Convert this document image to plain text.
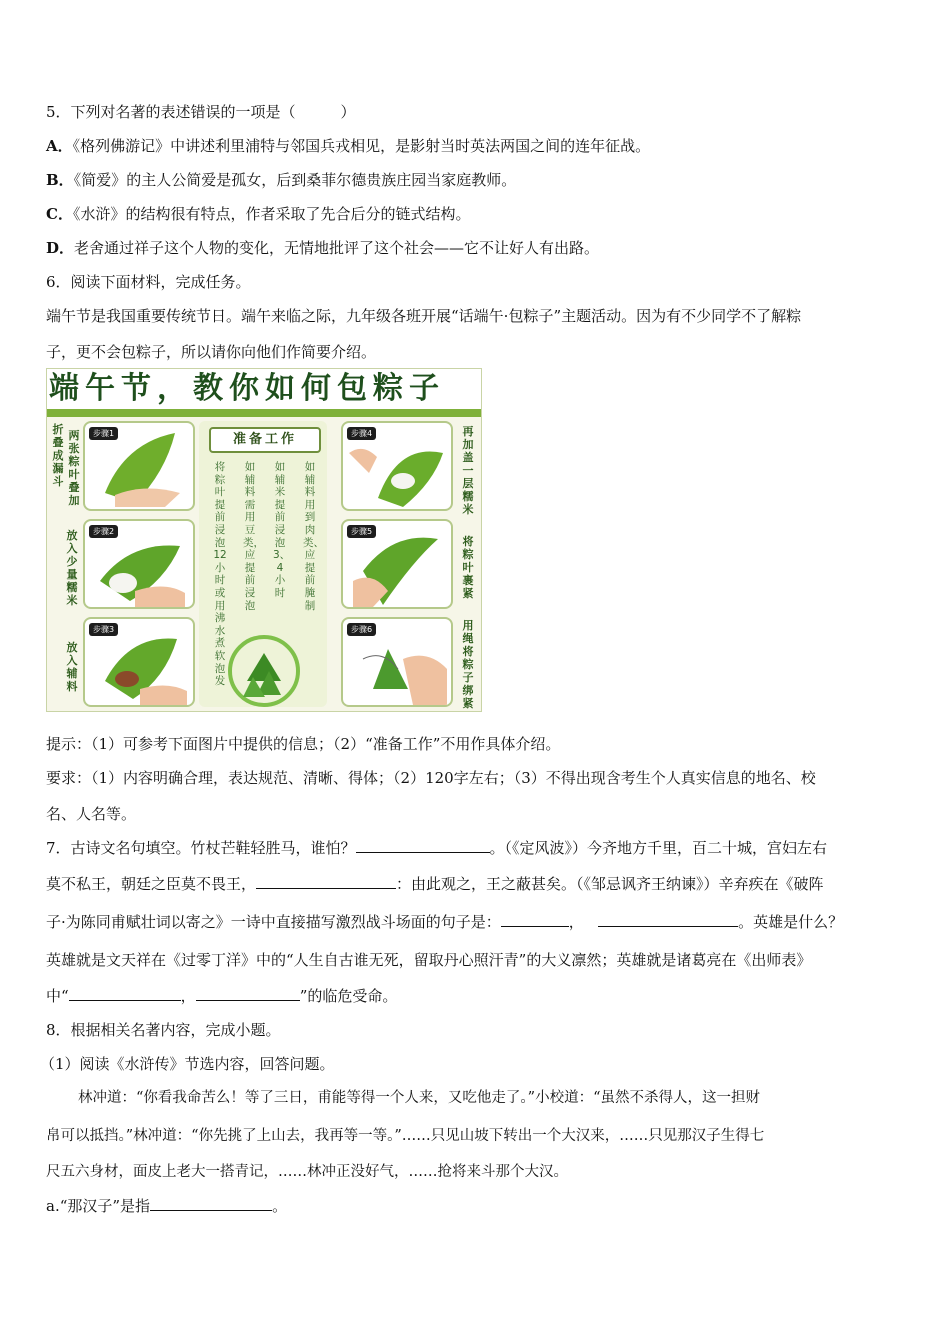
5．下列对名著的表述错误的一项是（　　　）
A．《格列佛游记》中讲述利里浦特与邻国兵戎相见，是影射当时英法两国之间的连年征战。
B．《简爱》的主人公简爱是孤女，后到桑菲尔德贵族庄园当家庭教师。
C．《水浒》的结构很有特点，作者采取了先合后分的链式结构。
D．老舍通过祥子这个人物的变化，无情地批评了这个社会——它不让好人有出路。
6．阅读下面材料，完成任务。
端午节是我国重要传统节日。端午来临之际，九年级各班开展“话端午·包粽子”主题活动。因为有不少同学不了解粽
子，更不会包粽子，所以请你向他们作简要介绍。
端午节，教你如何包粽子
折叠成漏斗
两张粽叶叠加
放入少量糯米
放入辅料
步骤1
步骤2
步骤3
准备工作
将粽叶提前浸泡12小时或用沸水煮软泡发
如辅料需用豆类，应提前浸泡
如辅米提前浸泡3、4小时
如辅料用到肉类、应提前腌制
步骤4
步骤5
步骤6
再加盖一层糯米
将粽叶裹紧
用绳将粽子绑紧
提示：（1）可参考下面图片中提供的信息；（2）“准备工作”不用作具体介绍。
要求：（1）内容明确合理，表达规范、清晰、得体；（2）120字左右；（3）不得出现含考生个人真实信息的地名、校
名、人名等。
7．古诗文名句填空。竹杖芒鞋轻胜马，谁怕？	。（《定风波》）今齐地方千里，百二十城，宫妇左右
莫不私王，朝廷之臣莫不畏王，	：由此观之，王之蔽甚矣。（《邹忌讽齐王纳谏》）辛弃疾在《破阵
子·为陈同甫赋壮词以寄之》一诗中直接描写激烈战斗场面的句子是：	，	。英雄是什么？
英雄就是文天祥在《过零丁洋》中的“人生自古谁无死，留取丹心照汗青”的大义凛然；英雄就是诸葛亮在《出师表》
中“	，	”的临危受命。
8．根据相关名著内容，完成小题。
（1）阅读《水浒传》节选内容，回答问题。
林冲道：“你看我命苦么！等了三日，甫能等得一个人来，又吃他走了。”小校道：“虽然不杀得人，这一担财
帛可以抵挡。”林冲道：“你先挑了上山去，我再等一等。”……只见山坡下转出一个大汉来，……只见那汉子生得七
尺五六身材，面皮上老大一搭青记，……林冲正没好气，……抢将来斗那个大汉。
a.“那汉子”是指	。
